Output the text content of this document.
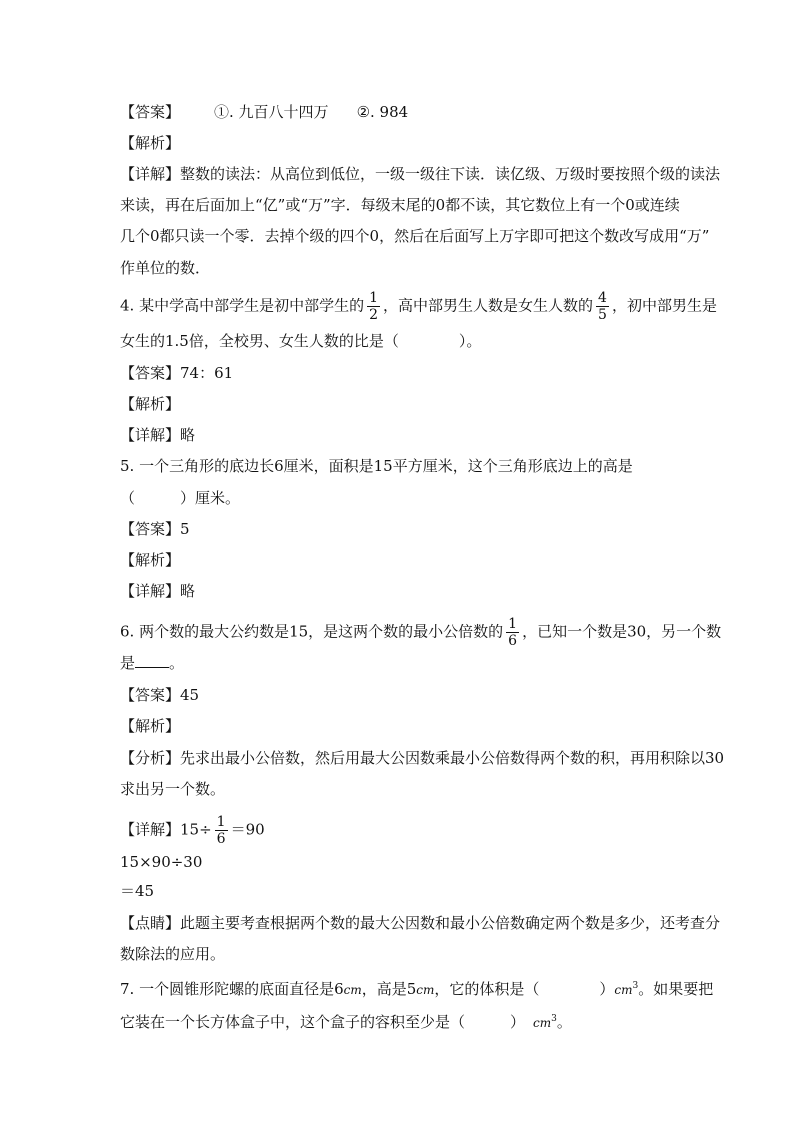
【答案】 ①. 九百八十四万 ②. 984
【解析】
【详解】整数的读法：从高位到低位，一级一级往下读．读亿级、万级时要按照个级的读法
来读，再在后面加上“亿”或“万”字．每级末尾的0都不读，其它数位上有一个0或连续
几个0都只读一个零．去掉个级的四个0，然后在后面写上万字即可把这个数改写成用“万”
作单位的数．
4. 某中学高中部学生是初中部学生的 $\frac{1}{2}$ ，高中部男生人数是女生人数的 $\frac{4}{5}$ ，初中部男生是
女生的1.5倍，全校男、女生人数的比是（　　　　）。
【答案】74：61
【解析】
【详解】略
5. 一个三角形的底边长6厘米，面积是15平方厘米，这个三角形底边上的高是
（　　　）厘米。
【答案】5
【解析】
【详解】略
6. 两个数的最大公约数是15，是这两个数的最小公倍数的 $\frac{1}{6}$ ，已知一个数是30，另一个数
是 。
【答案】45
【解析】
【分析】先求出最小公倍数，然后用最大公因数乘最小公倍数得两个数的积，再用积除以30
求出另一个数。
【详解】$15\div \frac{1}{6} =90$
15×90÷30
＝45
【点睛】此题主要考查根据两个数的最大公因数和最小公倍数确定两个数是多少，还考查分
数除法的应用。
7. 一个圆锥形陀螺的底面直径是6cm，高是5cm，它的体积是（　　　　）$cm^3$。如果要把
它装在一个长方体盒子中，这个盒子的容积至少是（　　　） $cm^3$。
